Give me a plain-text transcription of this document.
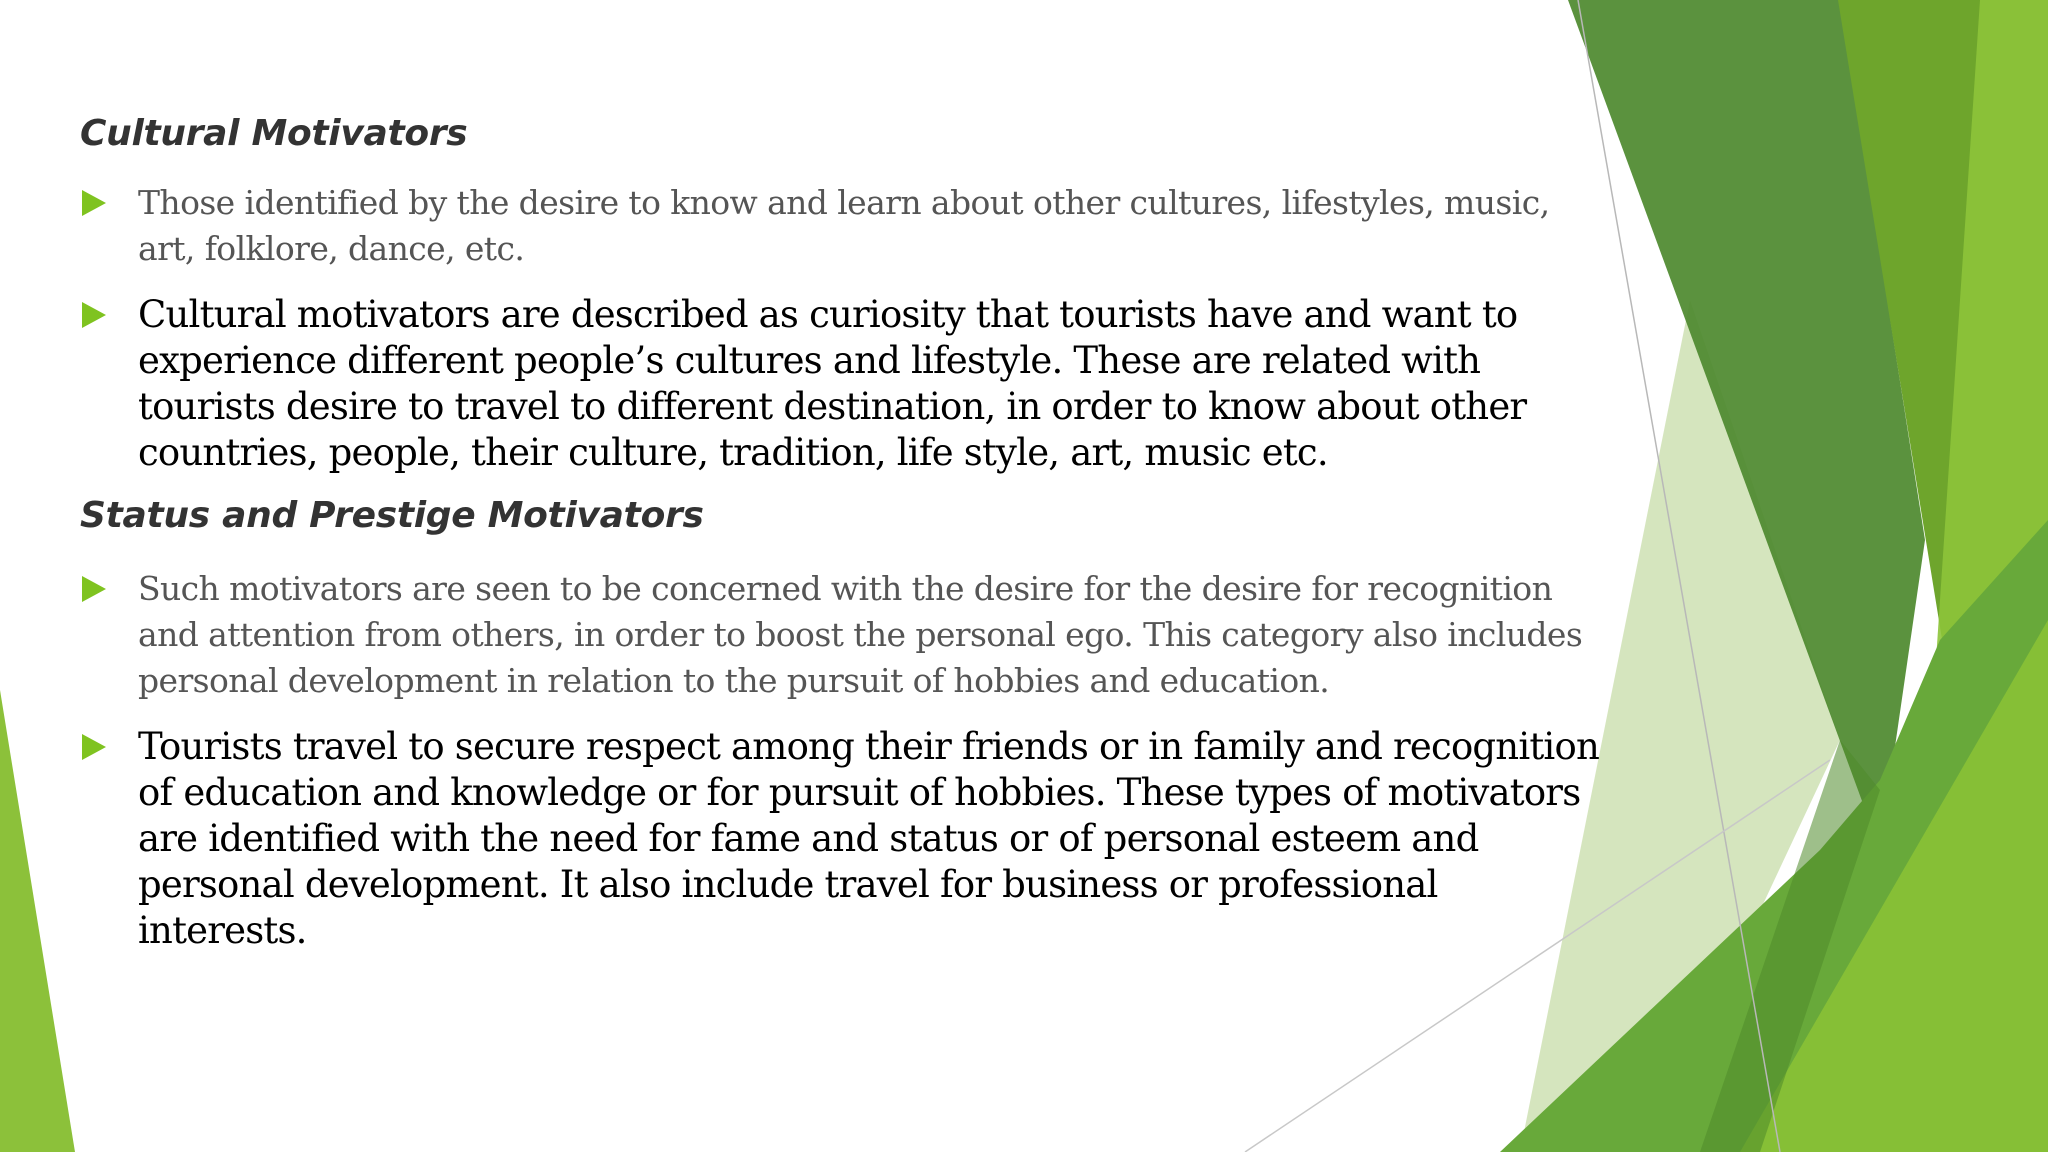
Cultural Motivators
Those identified by the desire to know and learn about other cultures, lifestyles, music, art, folklore, dance, etc.
Cultural motivators are described as curiosity that tourists have and want to experience different people’s cultures and lifestyle. These are related with tourists desire to travel to different destination, in order to know about other countries, people, their culture, tradition, life style, art, music etc.
Status and Prestige Motivators
Such motivators are seen to be concerned with the desire for the desire for recognition and attention from others, in order to boost the personal ego. This category also includes personal development in relation to the pursuit of hobbies and education.
Tourists travel to secure respect among their friends or in family and recognition of education and knowledge or for pursuit of hobbies. These types of motivators are identified with the need for fame and status or of personal esteem and personal development. It also include travel for business or professional interests.
